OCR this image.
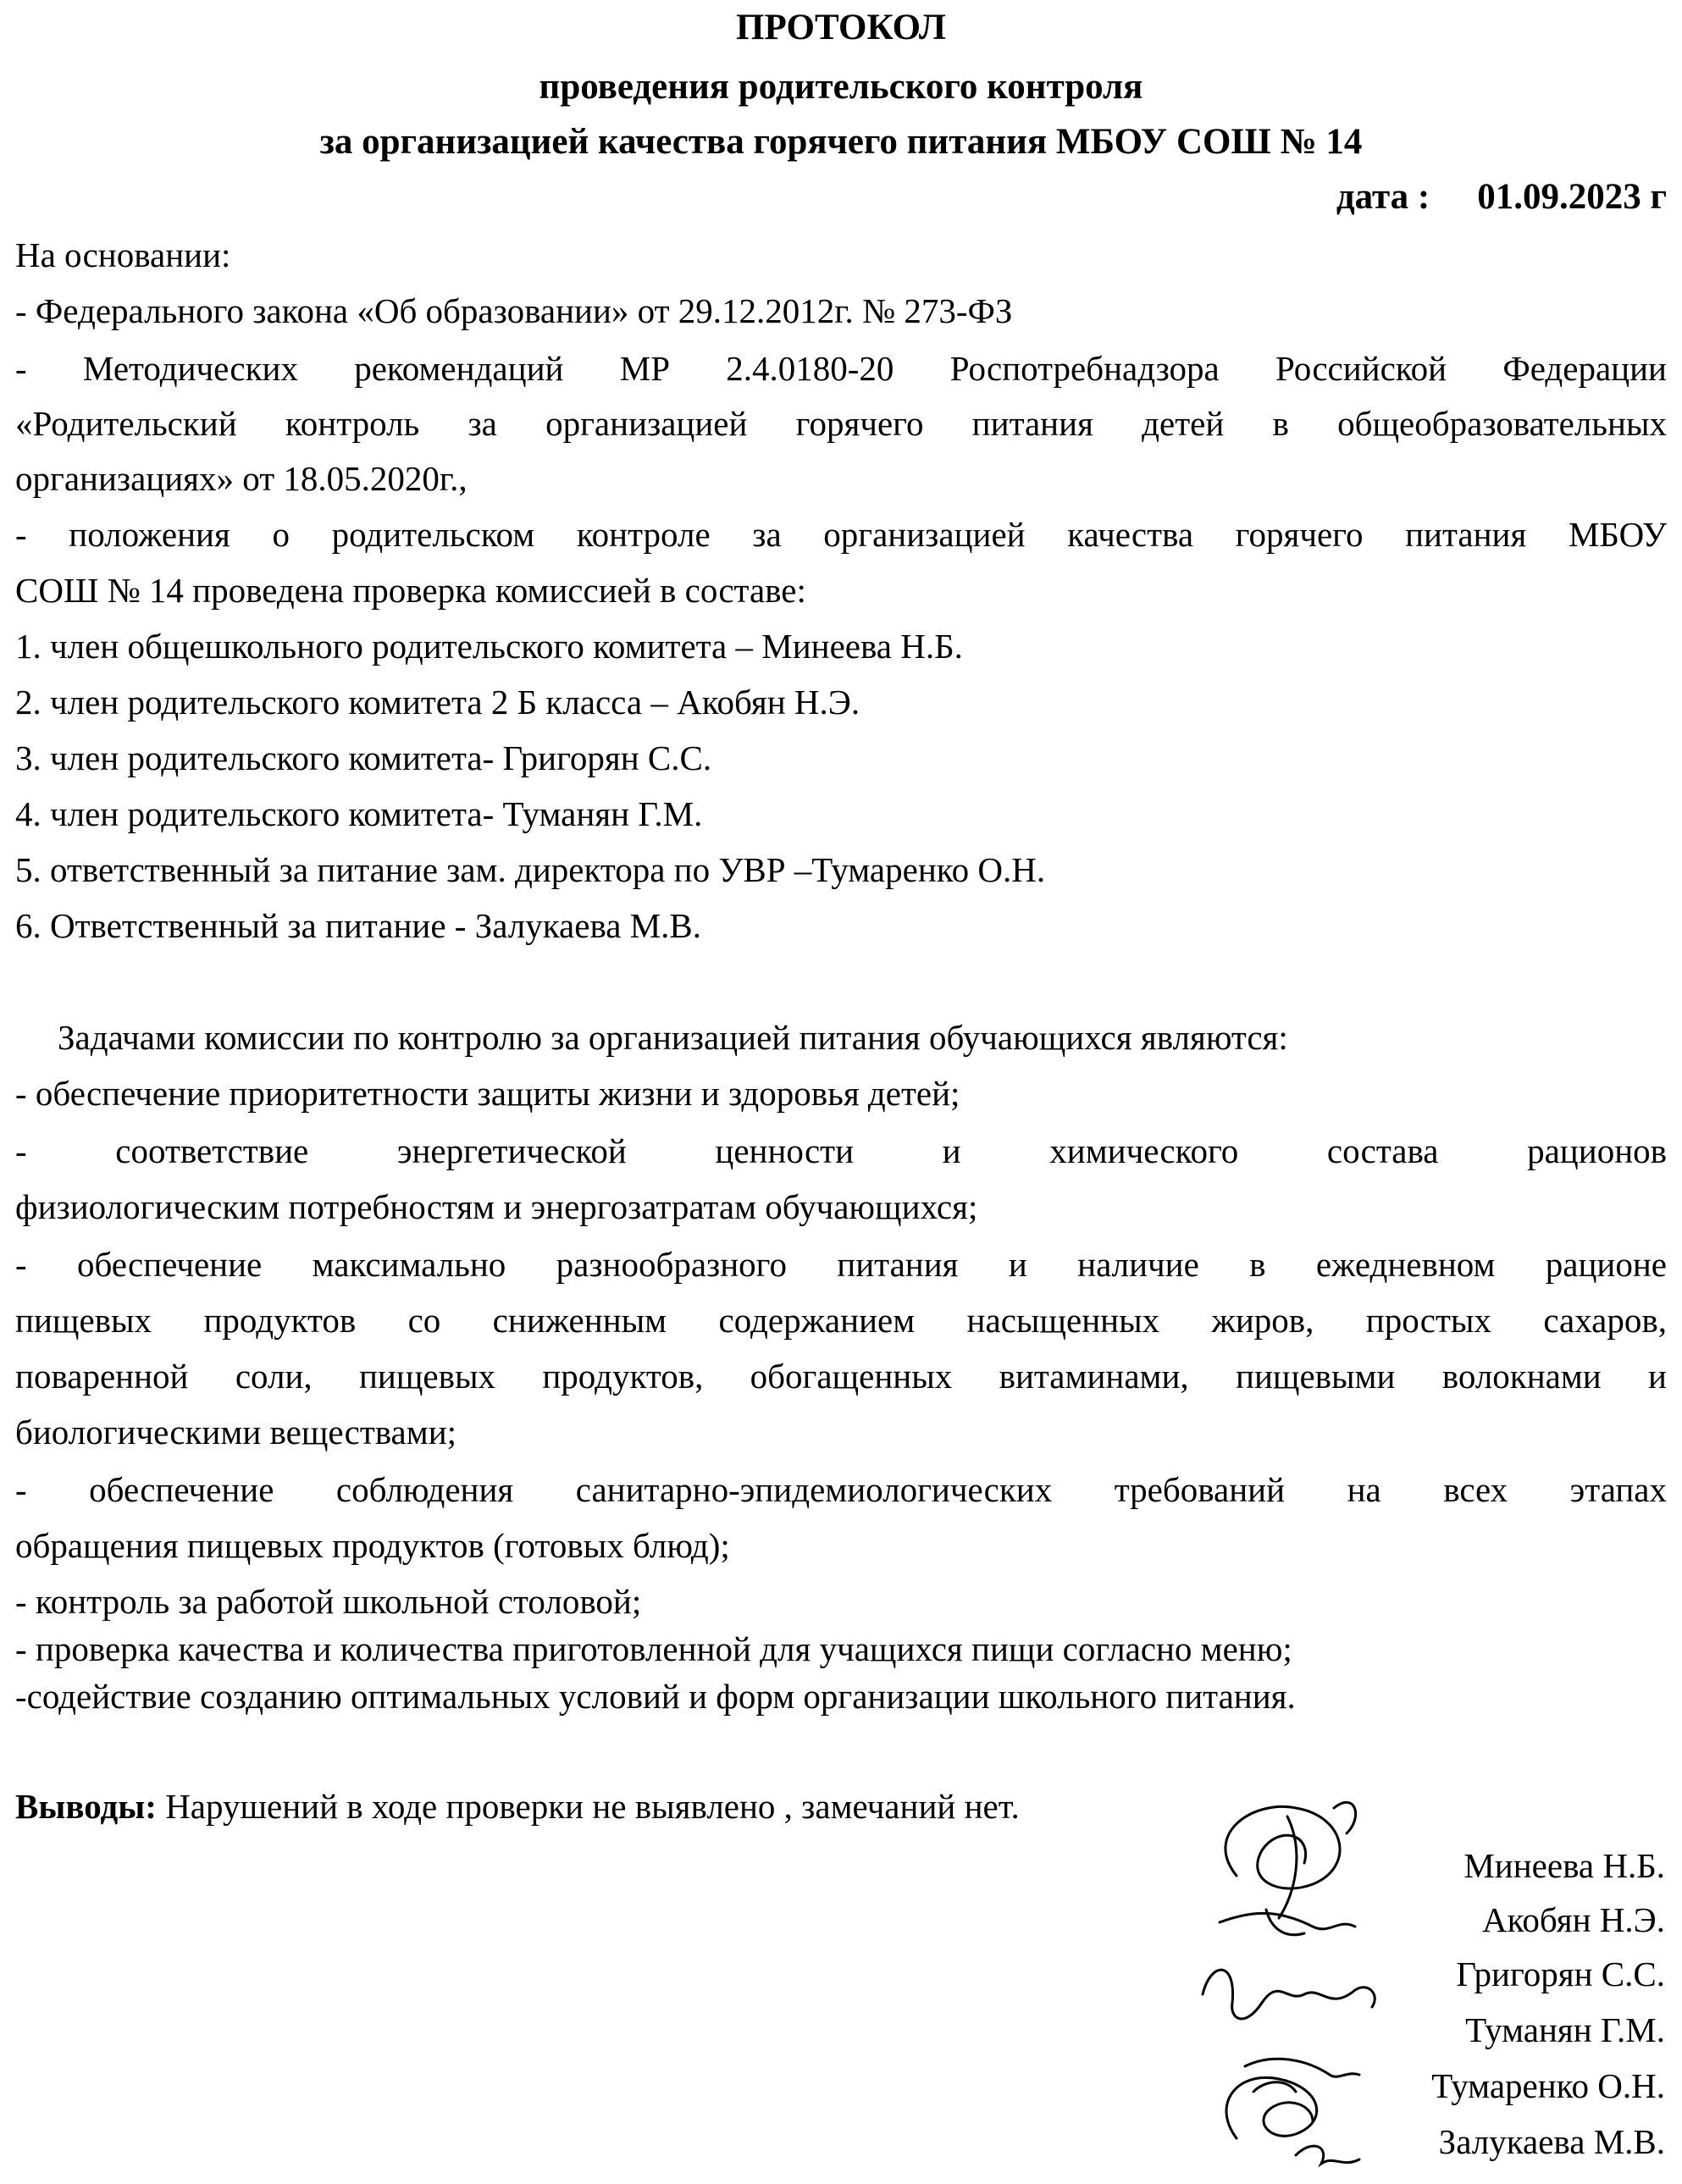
ПРОТОКОЛ
проведения родительского контроля
за организацией качества горячего питания МБОУ СОШ № 14
дата : 01.09.2023 г
На основании:
- Федерального закона «Об образовании» от 29.12.2012г. № 273-ФЗ
- Методических рекомендаций МР 2.4.0180-20 Роспотребнадзора Российской Федерации
«Родительский контроль за организацией горячего питания детей в общеобразовательных
организациях» от 18.05.2020г.,
- положения о родительском контроле за организацией качества горячего питания МБОУ
СОШ № 14 проведена проверка комиссией в составе:
1. член общешкольного родительского комитета – Минеева Н.Б.
2. член родительского комитета 2 Б класса – Акобян Н.Э.
3. член родительского комитета- Григорян С.С.
4. член родительского комитета- Туманян Г.М.
5. ответственный за питание зам. директора по УВР –Тумаренко О.Н.
6. Ответственный за питание - Залукаева М.В.
Задачами комиссии по контролю за организацией питания обучающихся являются:
- обеспечение приоритетности защиты жизни и здоровья детей;
- соответствие энергетической ценности и химического состава рационов
физиологическим потребностям и энергозатратам обучающихся;
- обеспечение максимально разнообразного питания и наличие в ежедневном рационе
пищевых продуктов со сниженным содержанием насыщенных жиров, простых сахаров,
поваренной соли, пищевых продуктов, обогащенных витаминами, пищевыми волокнами и
биологическими веществами;
- обеспечение соблюдения санитарно-эпидемиологических требований на всех этапах
обращения пищевых продуктов (готовых блюд);
- контроль за работой школьной столовой;
- проверка качества и количества приготовленной для учащихся пищи согласно меню;
-содействие созданию оптимальных условий и форм организации школьного питания.
Выводы: Нарушений в ходе проверки не выявлено , замечаний нет.
Минеева Н.Б.
Акобян Н.Э.
Григорян С.С.
Туманян Г.М.
Тумаренко О.Н.
Залукаева М.В.
